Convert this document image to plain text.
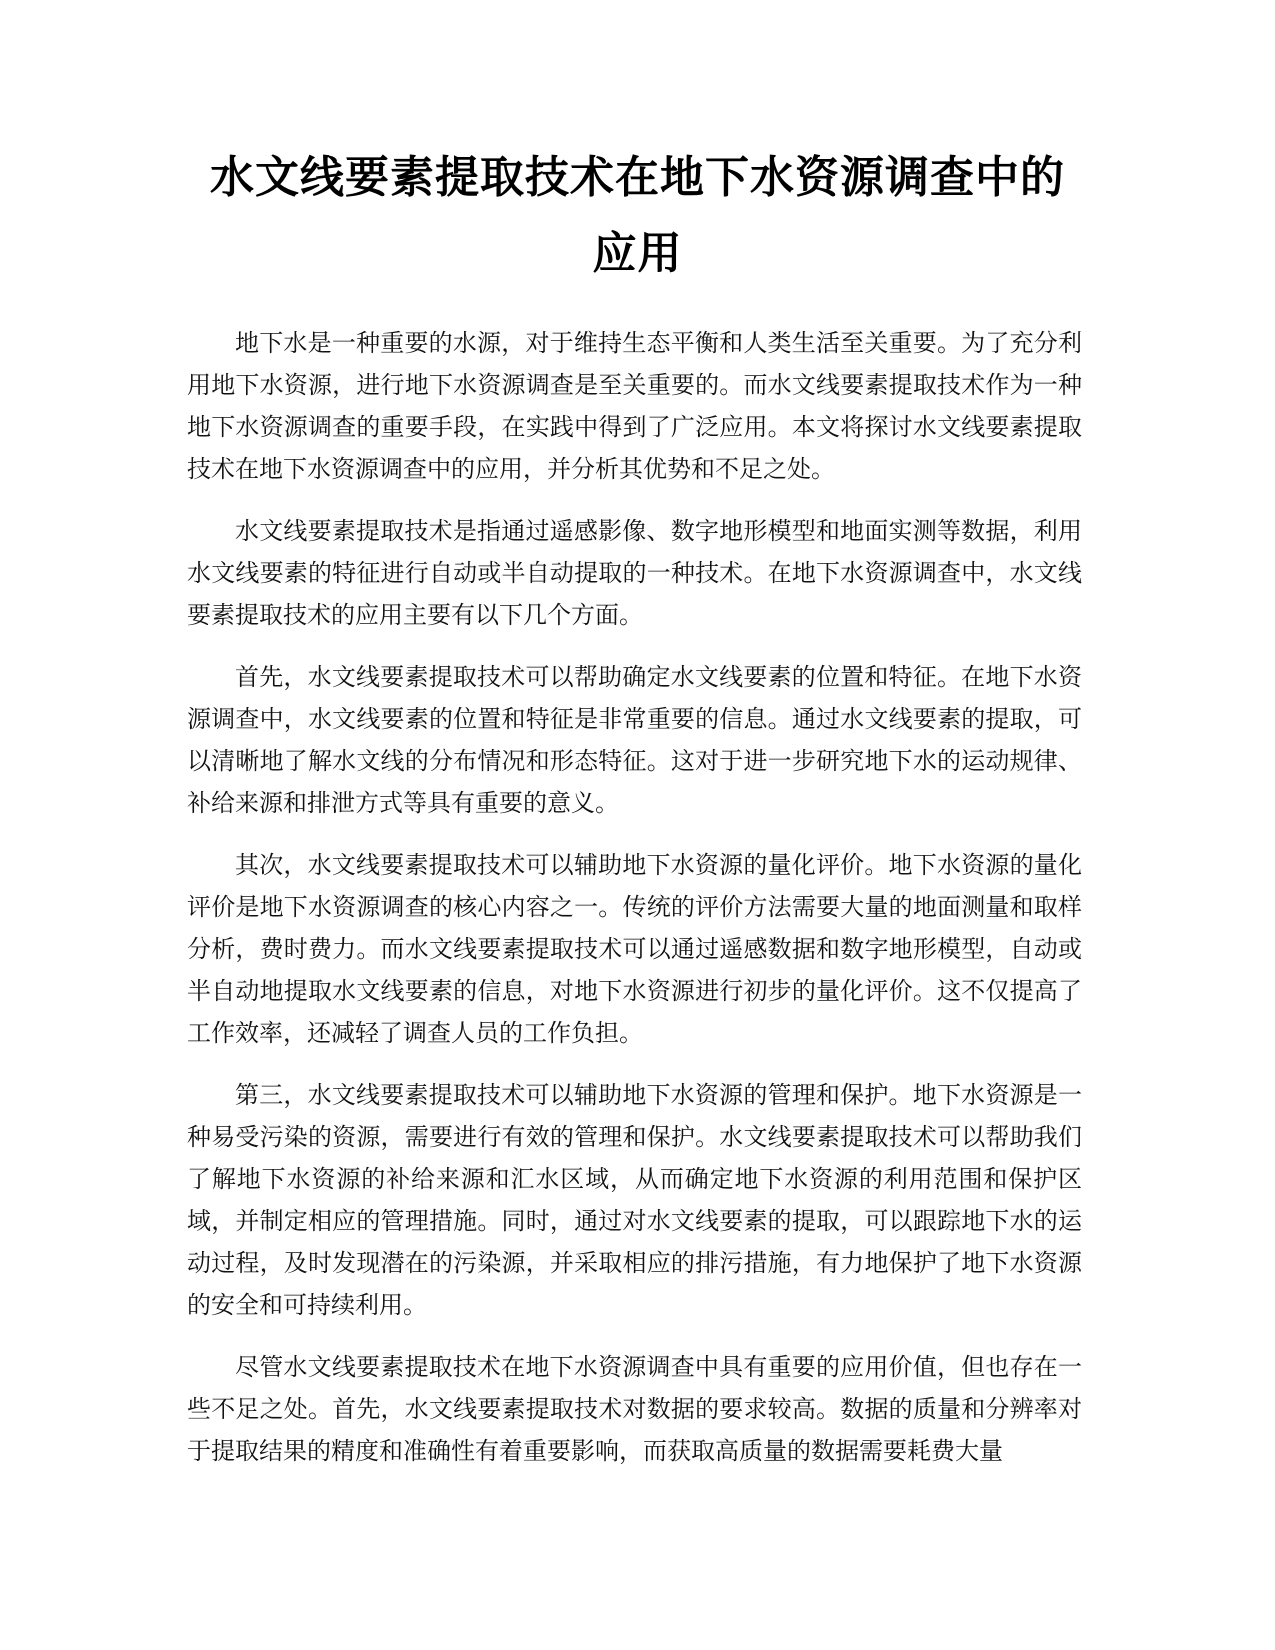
水文线要素提取技术在地下水资源调查中的
应用

地下水是一种重要的水源，对于维持生态平衡和人类生活至关重要。为了充分利用地下水资源，进行地下水资源调查是至关重要的。而水文线要素提取技术作为一种地下水资源调查的重要手段，在实践中得到了广泛应用。本文将探讨水文线要素提取技术在地下水资源调查中的应用，并分析其优势和不足之处。

水文线要素提取技术是指通过遥感影像、数字地形模型和地面实测等数据，利用水文线要素的特征进行自动或半自动提取的一种技术。在地下水资源调查中，水文线要素提取技术的应用主要有以下几个方面。

首先，水文线要素提取技术可以帮助确定水文线要素的位置和特征。在地下水资源调查中，水文线要素的位置和特征是非常重要的信息。通过水文线要素的提取，可以清晰地了解水文线的分布情况和形态特征。这对于进一步研究地下水的运动规律、补给来源和排泄方式等具有重要的意义。

其次，水文线要素提取技术可以辅助地下水资源的量化评价。地下水资源的量化评价是地下水资源调查的核心内容之一。传统的评价方法需要大量的地面测量和取样分析，费时费力。而水文线要素提取技术可以通过遥感数据和数字地形模型，自动或半自动地提取水文线要素的信息，对地下水资源进行初步的量化评价。这不仅提高了工作效率，还减轻了调查人员的工作负担。

第三，水文线要素提取技术可以辅助地下水资源的管理和保护。地下水资源是一种易受污染的资源，需要进行有效的管理和保护。水文线要素提取技术可以帮助我们了解地下水资源的补给来源和汇水区域，从而确定地下水资源的利用范围和保护区域，并制定相应的管理措施。同时，通过对水文线要素的提取，可以跟踪地下水的运动过程，及时发现潜在的污染源，并采取相应的排污措施，有力地保护了地下水资源的安全和可持续利用。

尽管水文线要素提取技术在地下水资源调查中具有重要的应用价值，但也存在一些不足之处。首先，水文线要素提取技术对数据的要求较高。数据的质量和分辨率对于提取结果的精度和准确性有着重要影响，而获取高质量的数据需要耗费大量
